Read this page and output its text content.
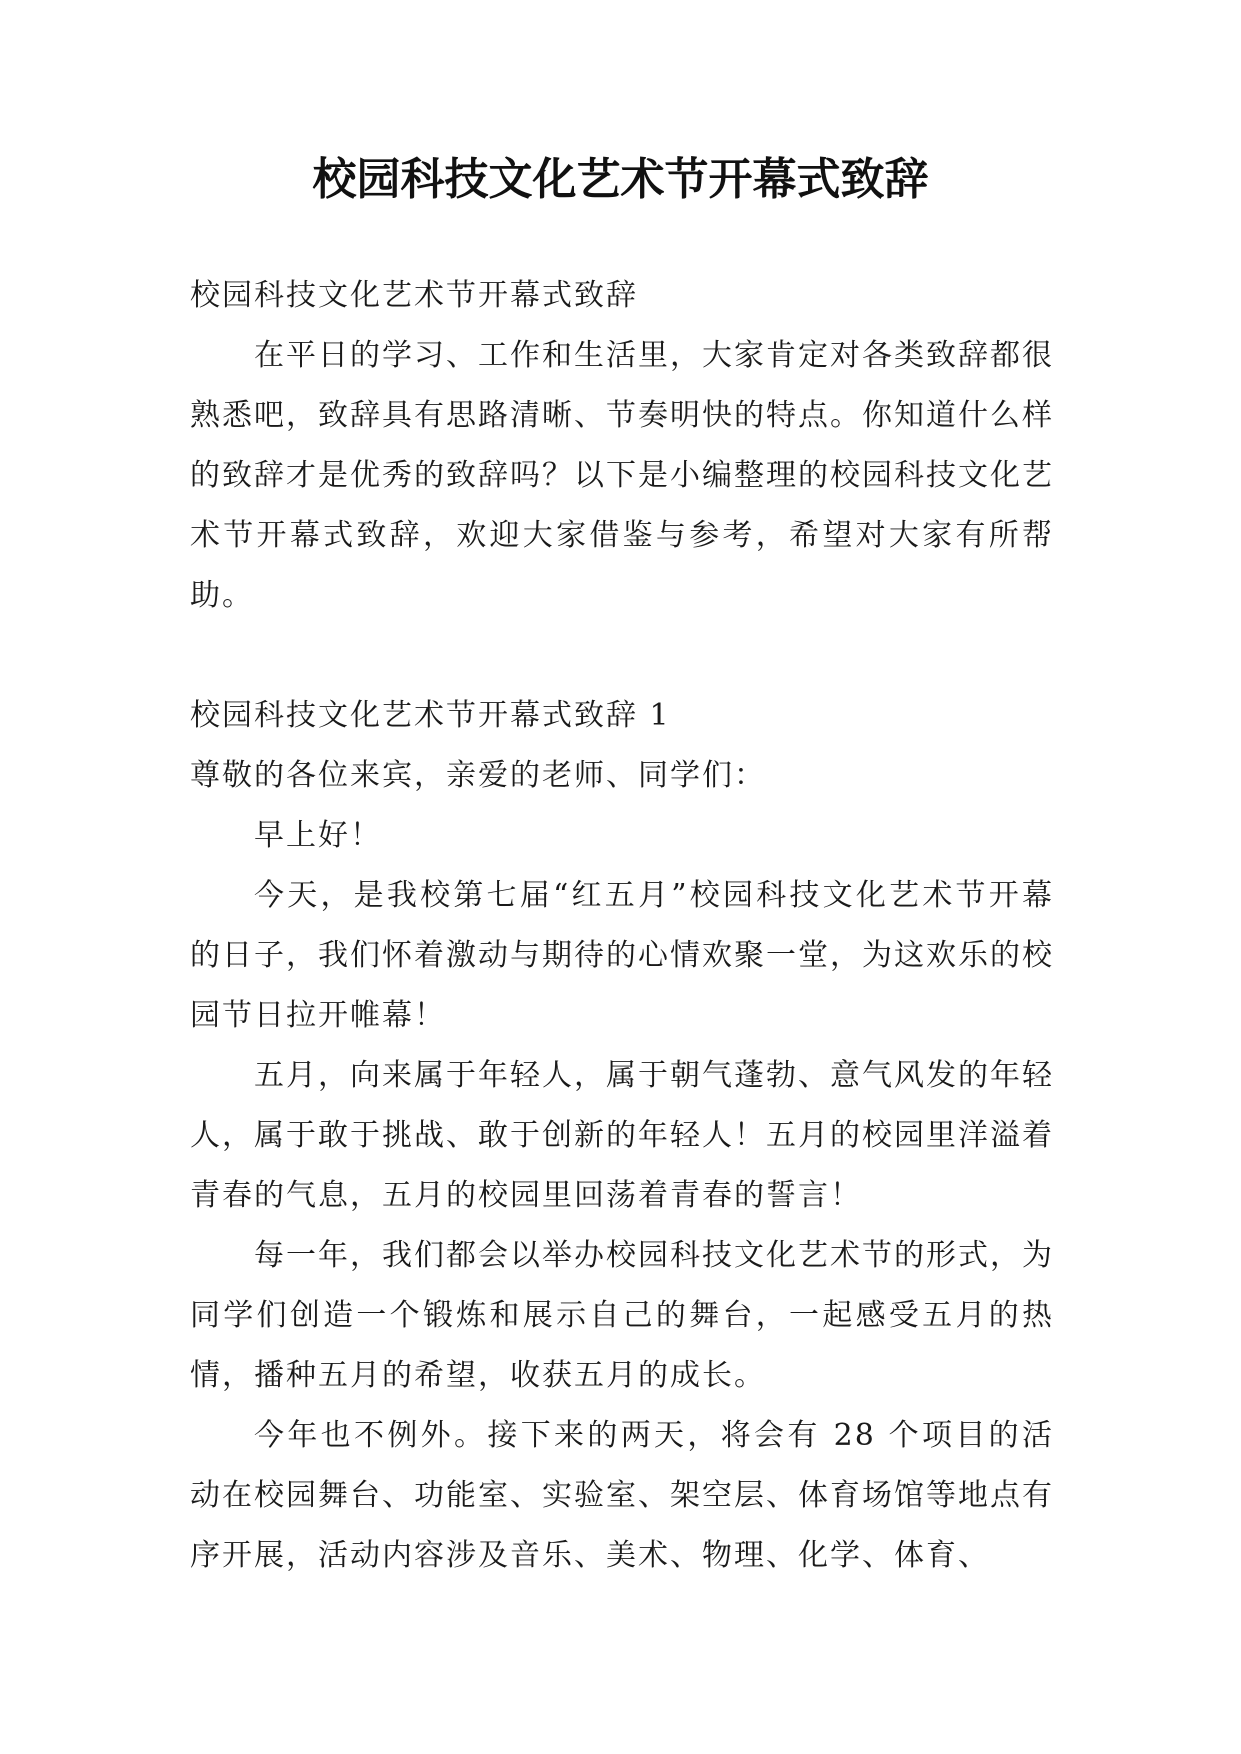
校园科技文化艺术节开幕式致辞

校园科技文化艺术节开幕式致辞

在平日的学习、工作和生活里，大家肯定对各类致辞都很熟悉吧，致辞具有思路清晰、节奏明快的特点。你知道什么样的致辞才是优秀的致辞吗？以下是小编整理的校园科技文化艺术节开幕式致辞，欢迎大家借鉴与参考，希望对大家有所帮助。

校园科技文化艺术节开幕式致辞 1

尊敬的各位来宾，亲爱的老师、同学们：

早上好！

今天，是我校第七届“红五月”校园科技文化艺术节开幕的日子，我们怀着激动与期待的心情欢聚一堂，为这欢乐的校园节日拉开帷幕！

五月，向来属于年轻人，属于朝气蓬勃、意气风发的年轻人，属于敢于挑战、敢于创新的年轻人！五月的校园里洋溢着青春的气息，五月的校园里回荡着青春的誓言！

每一年，我们都会以举办校园科技文化艺术节的形式，为同学们创造一个锻炼和展示自己的舞台，一起感受五月的热情，播种五月的希望，收获五月的成长。

今年也不例外。接下来的两天，将会有 28 个项目的活动在校园舞台、功能室、实验室、架空层、体育场馆等地点有序开展，活动内容涉及音乐、美术、物理、化学、体育、
